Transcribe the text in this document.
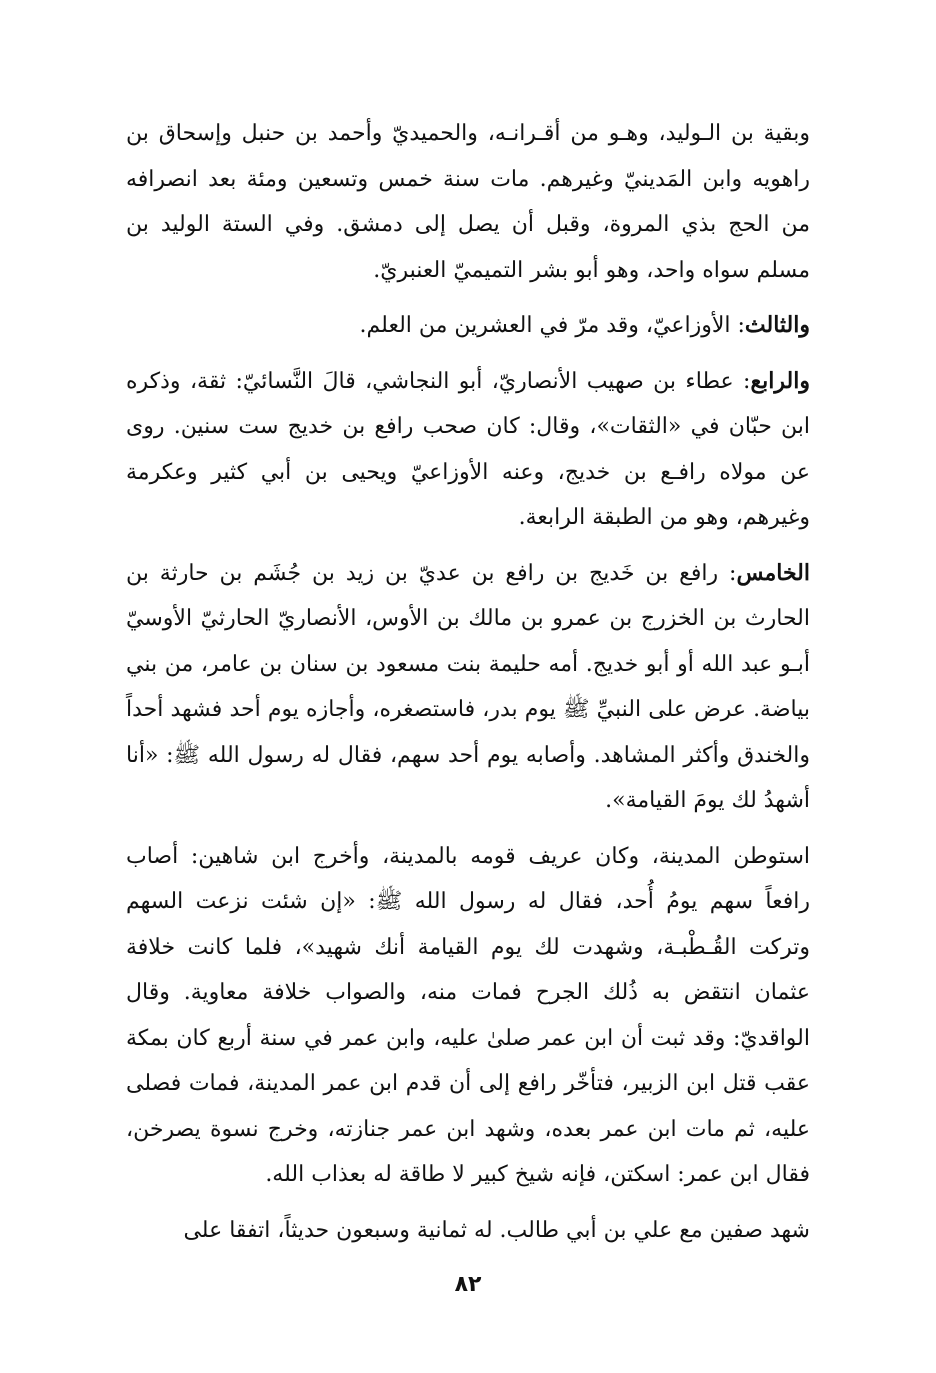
وبقية بن الـوليد، وهـو من أقـرانـه، والحميديّ وأحمد بن حنبل وإسحاق بن راهويه وابن المَدينيّ وغيرهم. مات سنة خمس وتسعين ومئة بعد انصرافه من الحج بذي المروة، وقبل أن يصل إلى دمشق. وفي الستة الوليد بن مسلم سواه واحد، وهو أبو بشر التميميّ العنبريّ.

والثالث: الأوزاعيّ، وقد مرّ في العشرين من العلم.

والرابع: عطاء بن صهيب الأنصاريّ، أبو النجاشي، قالَ النَّسائيّ: ثقة، وذكره ابن حبّان في «الثقات»، وقال: كان صحب رافع بن خديج ست سنين. روى عن مولاه رافـع بن خديج، وعنه الأوزاعيّ ويحيى بن أبي كثير وعكرمة وغيرهم، وهو من الطبقة الرابعة.

الخامس: رافع بن خَديج بن رافع بن عديّ بن زيد بن جُشَم بن حارثة بن الحارث بن الخزرج بن عمرو بن مالك بن الأوس، الأنصاريّ الحارثيّ الأوسيّ أبـو عبد الله أو أبو خديج. أمه حليمة بنت مسعود بن سنان بن عامر، من بني بياضة. عرض على النبيِّ ﷺ يوم بدر، فاستصغره، وأجازه يوم أحد فشهد أحداً والخندق وأكثر المشاهد. وأصابه يوم أحد سهم، فقال له رسول الله ﷺ: «أنا أشهدُ لك يومَ القيامة».

استوطن المدينة، وكان عريف قومه بالمدينة، وأخرج ابن شاهين: أصاب رافعاً سهم يومُ أُحد، فقال له رسول الله ﷺ: «إن شئت نزعت السهم وتركت القُـطْبـة، وشهدت لك يوم القيامة أنك شهيد»، فلما كانت خلافة عثمان انتقض به ذُلك الجرح فمات منه، والصواب خلافة معاوية. وقال الواقديّ: وقد ثبت أن ابن عمر صلىٰ عليه، وابن عمر في سنة أربع كان بمكة عقب قتل ابن الزبير، فتأخّر رافع إلى أن قدم ابن عمر المدينة، فمات فصلى عليه، ثم مات ابن عمر بعده، وشهد ابن عمر جنازته، وخرج نسوة يصرخن، فقال ابن عمر: اسكتن، فإنه شيخ كبير لا طاقة له بعذاب الله.

شهد صفين مع علي بن أبي طالب. له ثمانية وسبعون حديثاً، اتفقا على

٨٢
